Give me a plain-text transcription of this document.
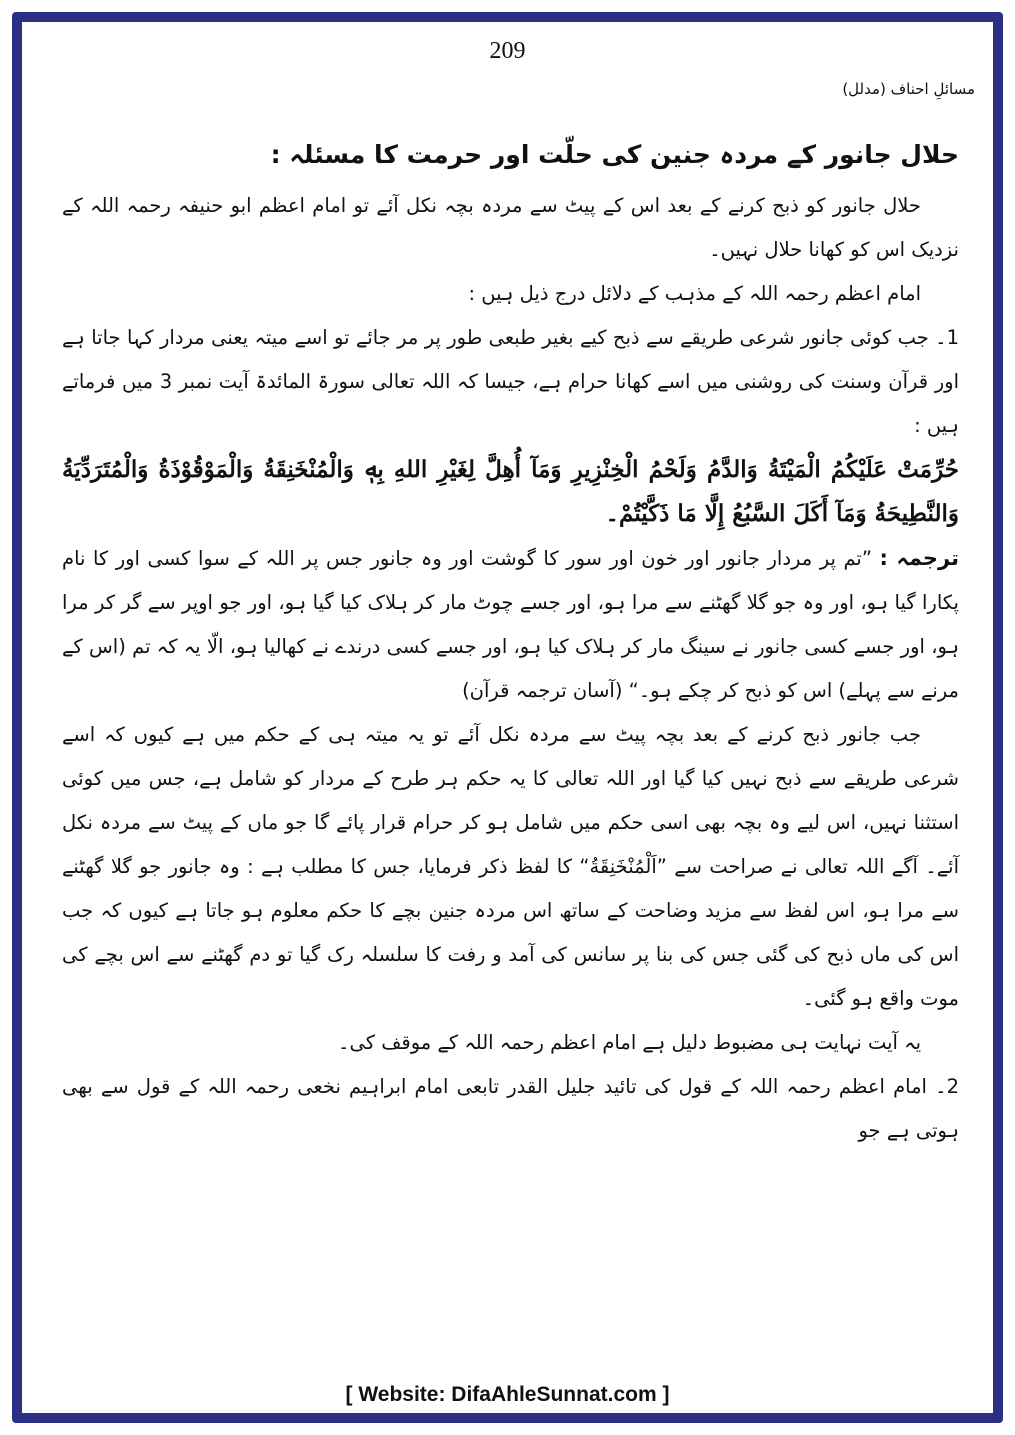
209
مسائلِ احناف (مدلل)
حلال جانور کے مردہ جنین کی حلّت اور حرمت کا مسئلہ :

حلال جانور کو ذبح کرنے کے بعد اس کے پیٹ سے مردہ بچہ نکل آئے تو امام اعظم ابو حنیفہ رحمہ اللہ کے نزدیک اس کو کھانا حلال نہیں۔

امام اعظم رحمہ اللہ کے مذہب کے دلائل درج ذیل ہیں :

1۔ جب کوئی جانور شرعی طریقے سے ذبح کیے بغیر طبعی طور پر مر جائے تو اسے میتہ یعنی مردار کہا جاتا ہے اور قرآن وسنت کی روشنی میں اسے کھانا حرام ہے، جیسا کہ اللہ تعالی سورۃ المائدۃ آیت نمبر 3 میں فرماتے ہیں :

حُرِّمَتْ عَلَيْكُمُ الْمَيْتَةُ وَالدَّمُ وَلَحْمُ الْخِنْزِيرِ وَمَآ أُهِلَّ لِغَيْرِ اللهِ بِهٖ وَالْمُنْخَنِقَةُ وَالْمَوْقُوْذَةُ وَالْمُتَرَدِّيَةُ وَالنَّطِيحَةُ وَمَآ أَكَلَ السَّبُعُ إِلَّا مَا ذَكَّيْتُمْ۔

ترجمہ : ”تم پر مردار جانور اور خون اور سور کا گوشت اور وہ جانور جس پر اللہ کے سوا کسی اور کا نام پکارا گیا ہو، اور وہ جو گلا گھٹنے سے مرا ہو، اور جسے چوٹ مار کر ہلاک کیا گیا ہو، اور جو اوپر سے گر کر مرا ہو، اور جسے کسی جانور نے سینگ مار کر ہلاک کیا ہو، اور جسے کسی درندے نے کھالیا ہو، الّا یہ کہ تم (اس کے مرنے سے پہلے) اس کو ذبح کر چکے ہو۔“ (آسان ترجمہ قرآن)

جب جانور ذبح کرنے کے بعد بچہ پیٹ سے مردہ نکل آئے تو یہ میتہ ہی کے حکم میں ہے کیوں کہ اسے شرعی طریقے سے ذبح نہیں کیا گیا اور اللہ تعالی کا یہ حکم ہر طرح کے مردار کو شامل ہے، جس میں کوئی استثنا نہیں، اس لیے وہ بچہ بھی اسی حکم میں شامل ہو کر حرام قرار پائے گا جو ماں کے پیٹ سے مردہ نکل آئے۔ آگے اللہ تعالی نے صراحت سے ”اَلْمُنْخَنِقَةُ“ کا لفظ ذکر فرمایا، جس کا مطلب ہے : وہ جانور جو گلا گھٹنے سے مرا ہو، اس لفظ سے مزید وضاحت کے ساتھ اس مردہ جنین بچے کا حکم معلوم ہو جاتا ہے کیوں کہ جب اس کی ماں ذبح کی گئی جس کی بنا پر سانس کی آمد و رفت کا سلسلہ رک گیا تو دم گھٹنے سے اس بچے کی موت واقع ہو گئی۔

یہ آیت نہایت ہی مضبوط دلیل ہے امام اعظم رحمہ اللہ کے موقف کی۔

2۔ امام اعظم رحمہ اللہ کے قول کی تائید جلیل القدر تابعی امام ابراہیم نخعی رحمہ اللہ کے قول سے بھی ہوتی ہے جو

[ Website: DifaAhleSunnat.com ]
